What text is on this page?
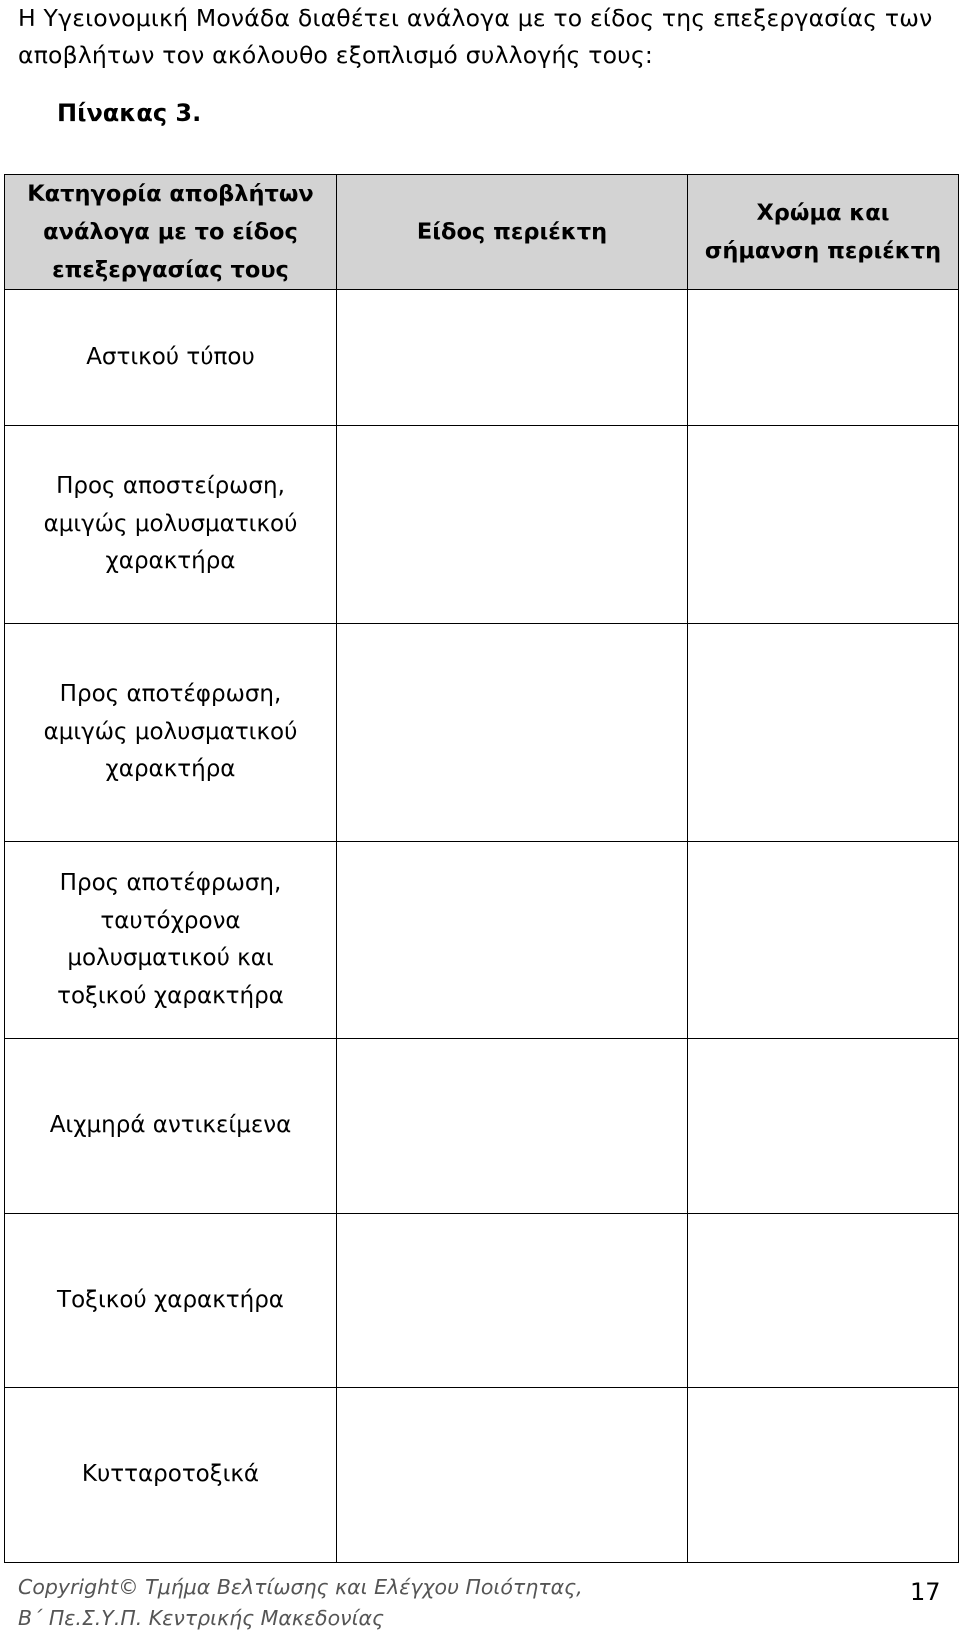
Η Υγειονομική Μονάδα διαθέτει ανάλογα με το είδος της επεξεργασίας των αποβλήτων τον ακόλουθο εξοπλισμό συλλογής τους:
Πίνακας 3.
Κατηγορία αποβλήτων ανάλογα με το είδος επεξεργασίας τους	Είδος περιέκτη	Χρώμα και σήμανση περιέκτη
Αστικού τύπου		
Προς αποστείρωση, αμιγώς μολυσματικού χαρακτήρα		
Προς αποτέφρωση, αμιγώς μολυσματικού χαρακτήρα		
Προς αποτέφρωση, ταυτόχρονα μολυσματικού και τοξικού χαρακτήρα		
Αιχμηρά αντικείμενα		
Τοξικού χαρακτήρα		
Κυτταροτοξικά		
Copyright© Τμήμα Βελτίωσης και Ελέγχου Ποιότητας,
Β΄ Πε.Σ.Υ.Π. Κεντρικής Μακεδονίας
17
